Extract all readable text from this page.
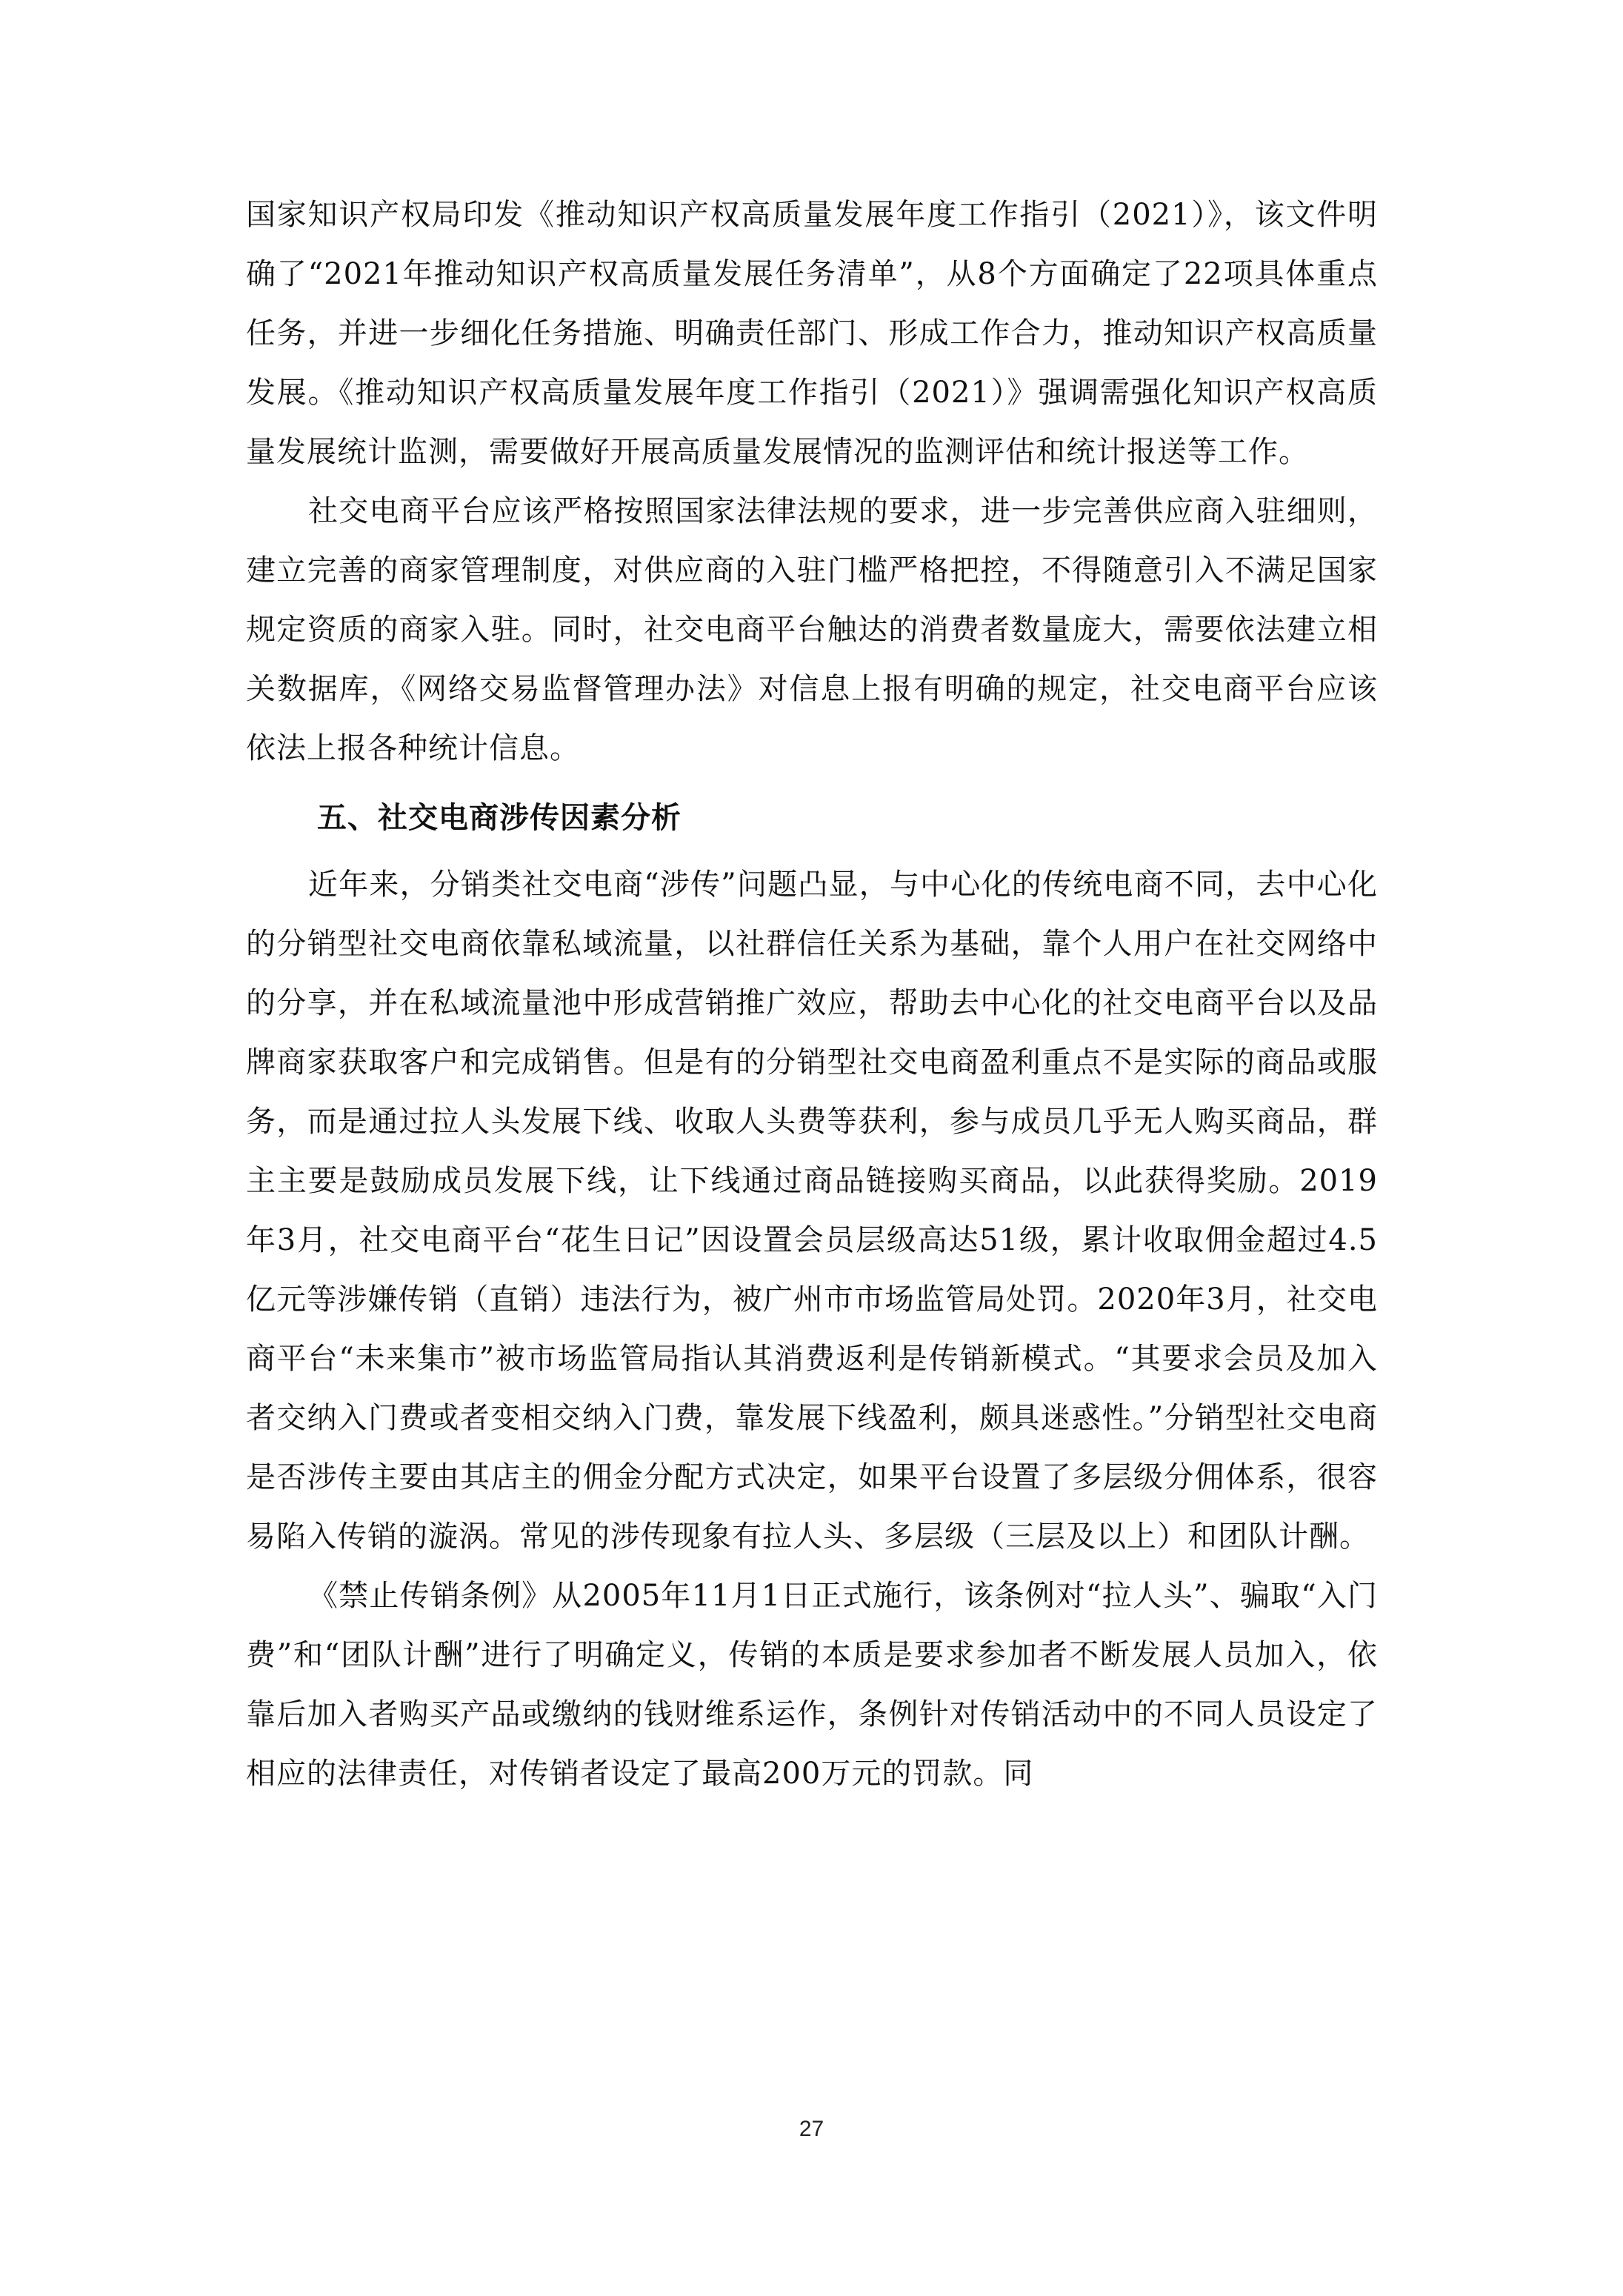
国家知识产权局印发《推动知识产权高质量发展年度工作指引（2021）》，该文件明确了“2021年推动知识产权高质量发展任务清单”，从8个方面确定了22项具体重点任务，并进一步细化任务措施、明确责任部门、形成工作合力，推动知识产权高质量发展。《推动知识产权高质量发展年度工作指引（2021）》强调需强化知识产权高质量发展统计监测，需要做好开展高质量发展情况的监测评估和统计报送等工作。

社交电商平台应该严格按照国家法律法规的要求，进一步完善供应商入驻细则，建立完善的商家管理制度，对供应商的入驻门槛严格把控，不得随意引入不满足国家规定资质的商家入驻。同时，社交电商平台触达的消费者数量庞大，需要依法建立相关数据库，《网络交易监督管理办法》对信息上报有明确的规定，社交电商平台应该依法上报各种统计信息。

五、社交电商涉传因素分析

近年来，分销类社交电商“涉传”问题凸显，与中心化的传统电商不同，去中心化的分销型社交电商依靠私域流量，以社群信任关系为基础，靠个人用户在社交网络中的分享，并在私域流量池中形成营销推广效应，帮助去中心化的社交电商平台以及品牌商家获取客户和完成销售。但是有的分销型社交电商盈利重点不是实际的商品或服务，而是通过拉人头发展下线、收取人头费等获利，参与成员几乎无人购买商品，群主主要是鼓励成员发展下线，让下线通过商品链接购买商品，以此获得奖励。2019年3月，社交电商平台“花生日记”因设置会员层级高达51级，累计收取佣金超过4.5亿元等涉嫌传销（直销）违法行为，被广州市市场监管局处罚。2020年3月，社交电商平台“未来集市”被市场监管局指认其消费返利是传销新模式。“其要求会员及加入者交纳入门费或者变相交纳入门费，靠发展下线盈利，颇具迷惑性。”分销型社交电商是否涉传主要由其店主的佣金分配方式决定，如果平台设置了多层级分佣体系，很容易陷入传销的漩涡。常见的涉传现象有拉人头、多层级（三层及以上）和团队计酬。

《禁止传销条例》从2005年11月1日正式施行，该条例对“拉人头”、骗取“入门费”和“团队计酬”进行了明确定义，传销的本质是要求参加者不断发展人员加入，依靠后加入者购买产品或缴纳的钱财维系运作，条例针对传销活动中的不同人员设定了相应的法律责任，对传销者设定了最高200万元的罚款。同

27
